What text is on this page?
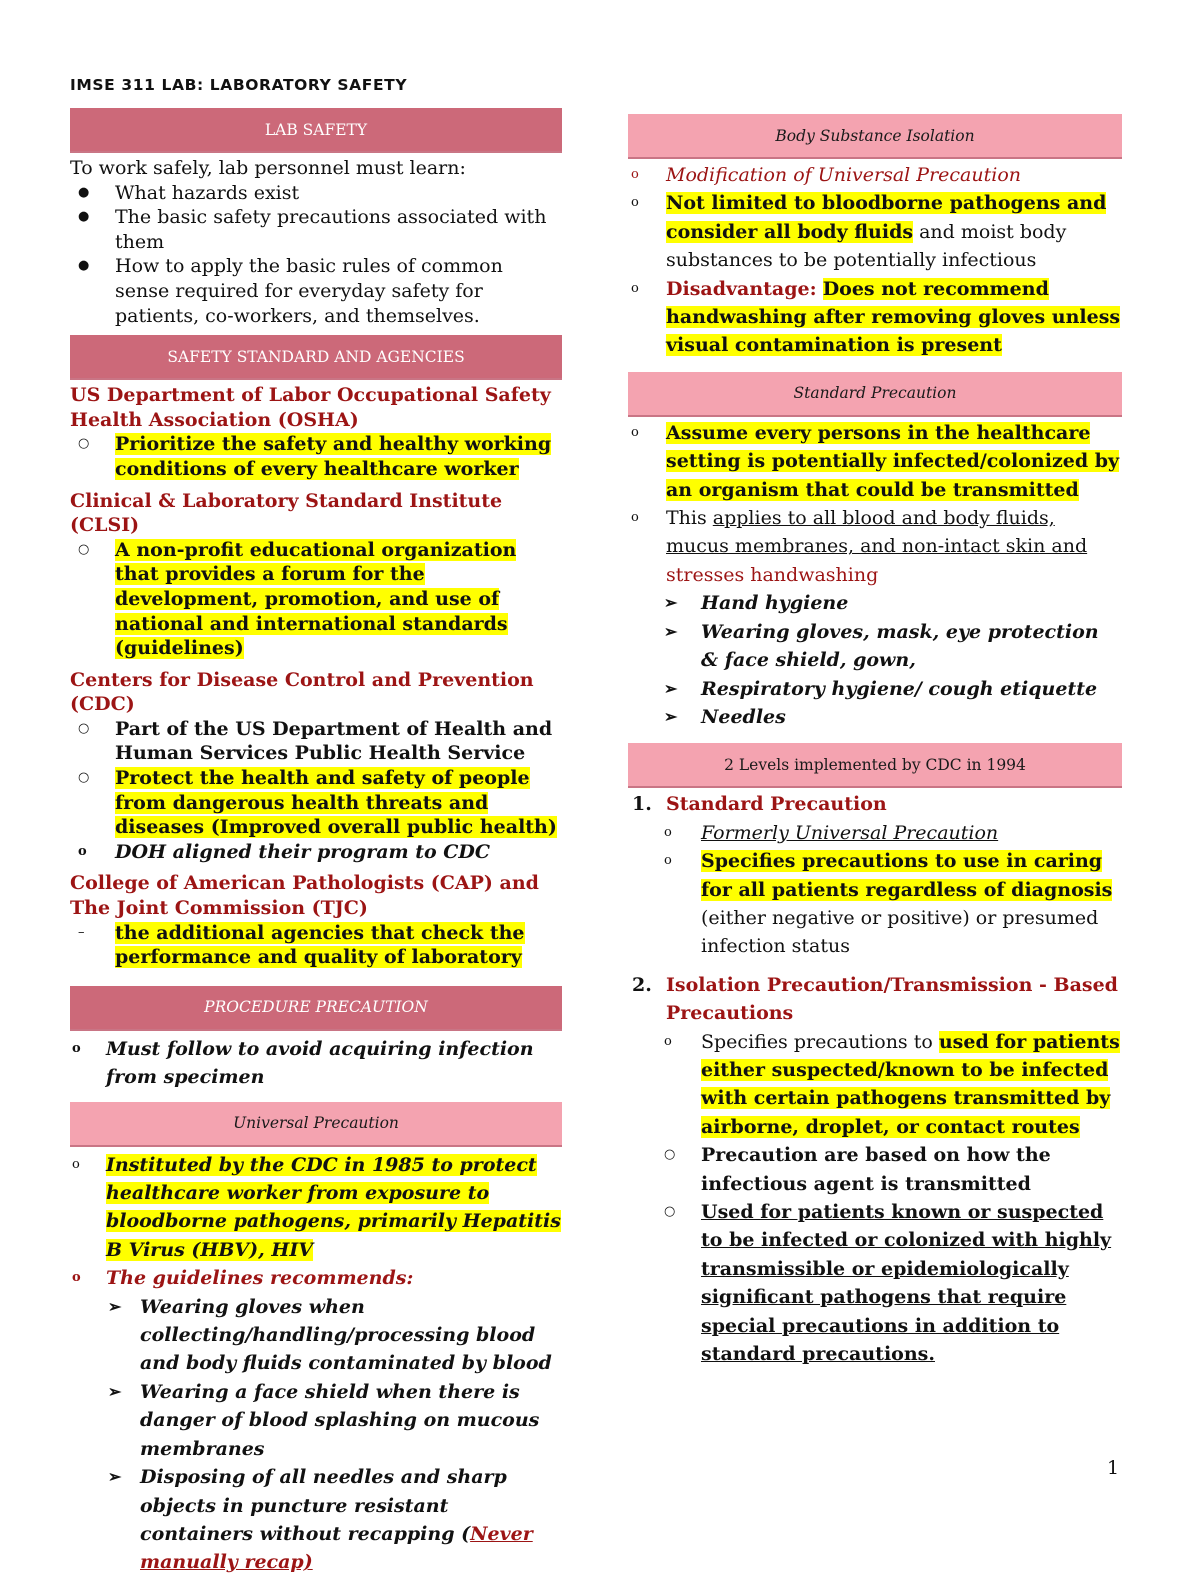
IMSE 311 LAB: LABORATORY SAFETY
LAB SAFETY
To work safely, lab personnel must learn:
● What hazards exist
● The basic safety precautions associated with them
● How to apply the basic rules of common sense required for everyday safety for patients, co-workers, and themselves.
SAFETY STANDARD AND AGENCIES
US Department of Labor Occupational Safety Health Association (OSHA)
○ Prioritize the safety and healthy working conditions of every healthcare worker
Clinical & Laboratory Standard Institute (CLSI)
○ A non-profit educational organization that provides a forum for the development, promotion, and use of national and international standards (guidelines)
Centers for Disease Control and Prevention (CDC)
○ Part of the US Department of Health and Human Services Public Health Service
○ Protect the health and safety of people from dangerous health threats and diseases (Improved overall public health)
o DOH aligned their program to CDC
College of American Pathologists (CAP) and The Joint Commission (TJC)
– the additional agencies that check the performance and quality of laboratory
PROCEDURE PRECAUTION
o Must follow to avoid acquiring infection from specimen
Universal Precaution
o Instituted by the CDC in 1985 to protect healthcare worker from exposure to bloodborne pathogens, primarily Hepatitis B Virus (HBV), HIV
o The guidelines recommends:
➢ Wearing gloves when collecting/handling/processing blood and body fluids contaminated by blood
➢ Wearing a face shield when there is danger of blood splashing on mucous membranes
➢ Disposing of all needles and sharp objects in puncture resistant containers without recapping (Never manually recap)
Body Substance Isolation
o Modification of Universal Precaution
o Not limited to bloodborne pathogens and consider all body fluids and moist body substances to be potentially infectious
o Disadvantage: Does not recommend handwashing after removing gloves unless visual contamination is present
Standard Precaution
o Assume every persons in the healthcare setting is potentially infected/colonized by an organism that could be transmitted
o This applies to all blood and body fluids, mucus membranes, and non-intact skin and stresses handwashing
➢ Hand hygiene
➢ Wearing gloves, mask, eye protection & face shield, gown,
➢ Respiratory hygiene/ cough etiquette
➢ Needles
2 Levels implemented by CDC in 1994
1. Standard Precaution
o Formerly Universal Precaution
o Specifies precautions to use in caring for all patients regardless of diagnosis (either negative or positive) or presumed infection status
2. Isolation Precaution/Transmission - Based Precautions
o Specifies precautions to used for patients either suspected/known to be infected with certain pathogens transmitted by airborne, droplet, or contact routes
○ Precaution are based on how the infectious agent is transmitted
○ Used for patients known or suspected to be infected or colonized with highly transmissible or epidemiologically significant pathogens that require special precautions in addition to standard precautions.
1
